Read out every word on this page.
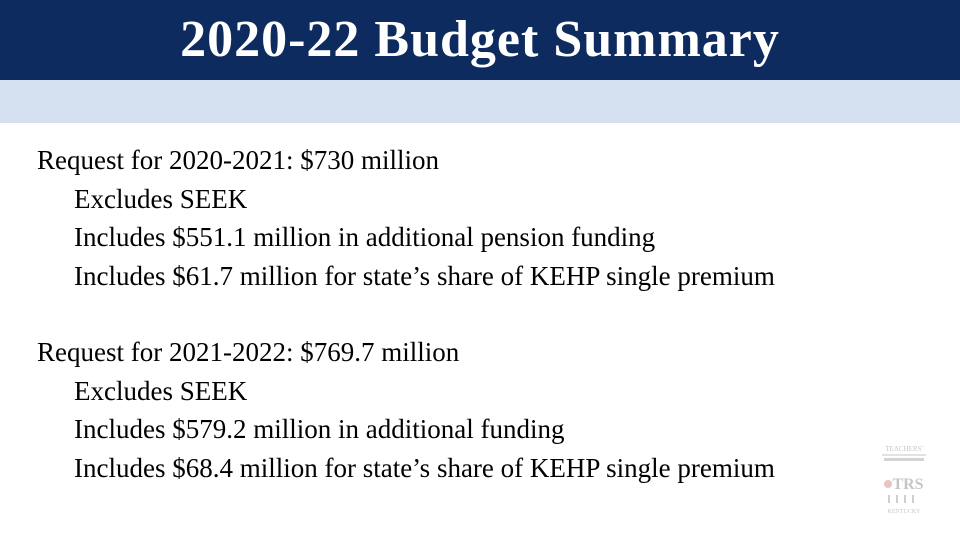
2020-22 Budget Summary
Request for 2020-2021: $730 million
Excludes SEEK
Includes $551.1 million in additional pension funding
Includes $61.7 million for state’s share of KEHP single premium
Request for 2021-2022: $769.7 million
Excludes SEEK
Includes $579.2 million in additional funding
Includes $68.4 million for state’s share of KEHP single premium
TEACHERS'
TRS
KENTUCKY
